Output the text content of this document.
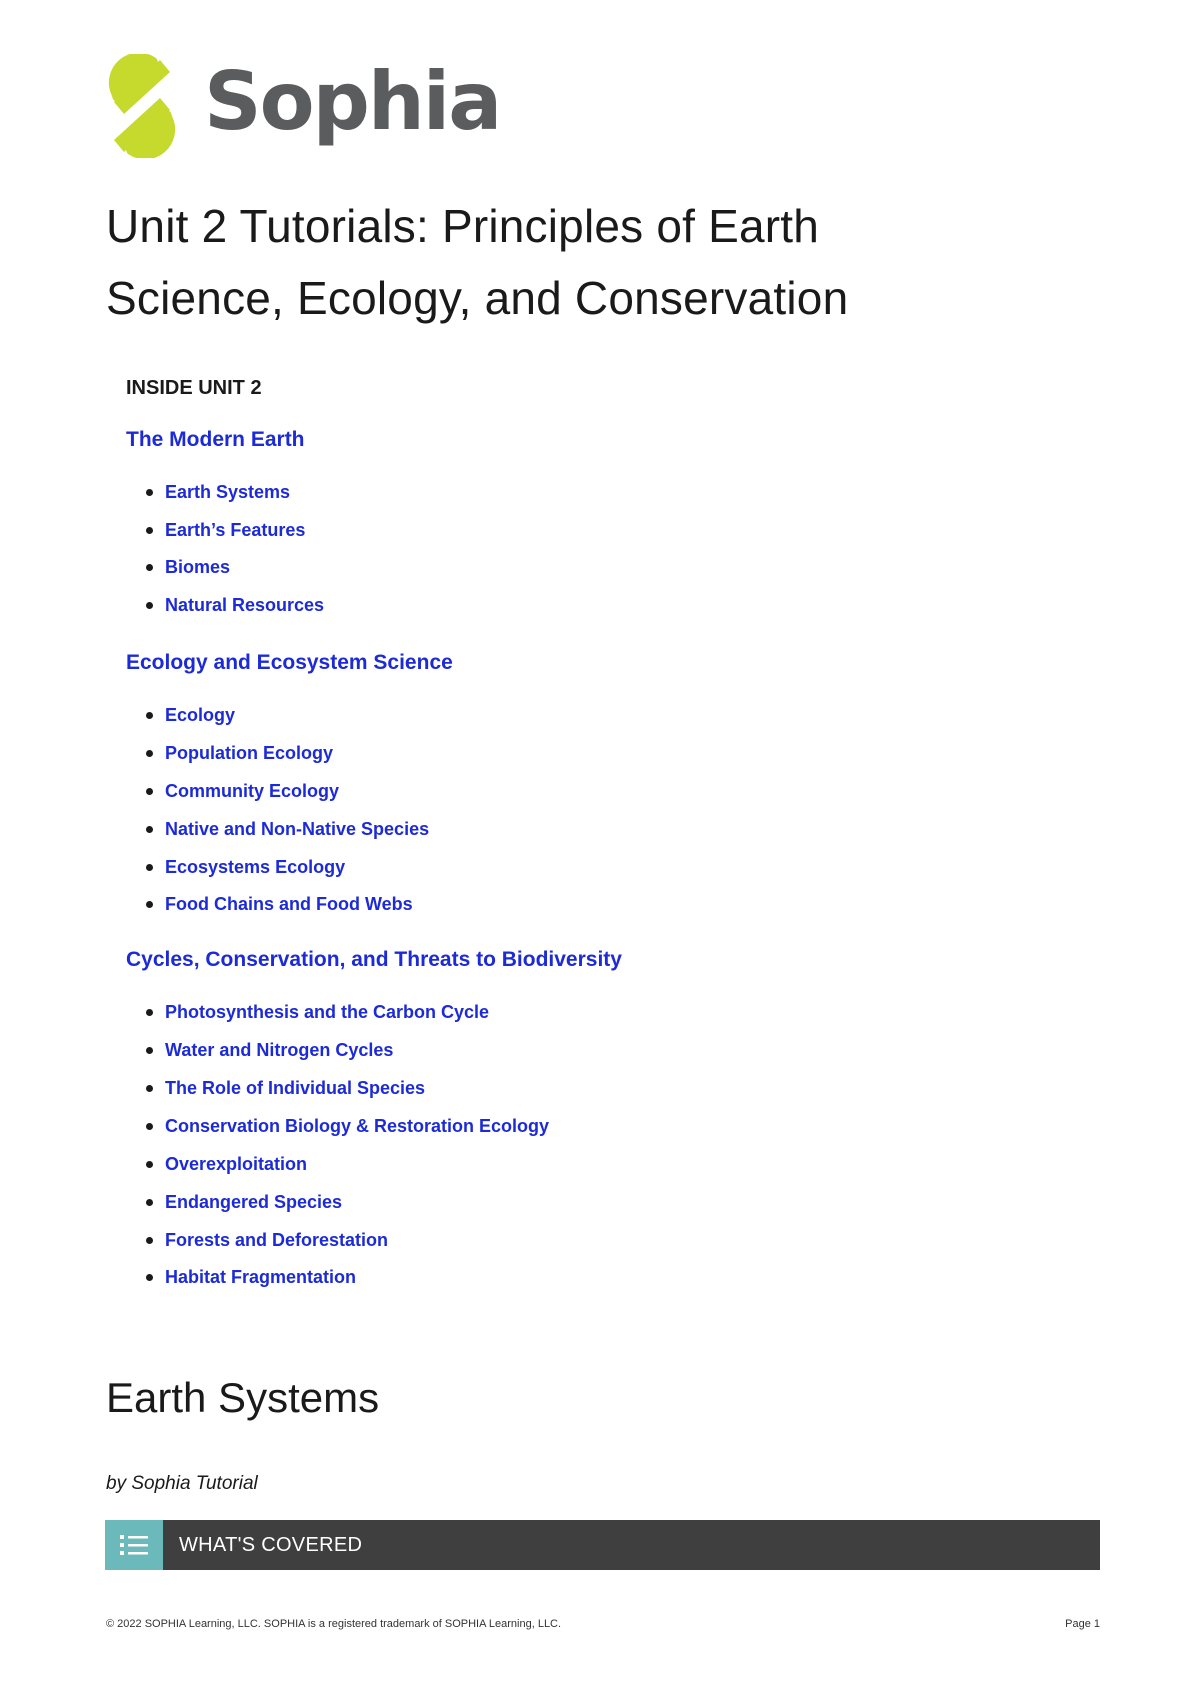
Sophia
Unit 2 Tutorials: Principles of Earth
Science, Ecology, and Conservation
INSIDE UNIT 2
The Modern Earth
Earth Systems
Earth’s Features
Biomes
Natural Resources
Ecology and Ecosystem Science
Ecology
Population Ecology
Community Ecology
Native and Non-Native Species
Ecosystems Ecology
Food Chains and Food Webs
Cycles, Conservation, and Threats to Biodiversity
Photosynthesis and the Carbon Cycle
Water and Nitrogen Cycles
The Role of Individual Species
Conservation Biology & Restoration Ecology
Overexploitation
Endangered Species
Forests and Deforestation
Habitat Fragmentation
Earth Systems
by Sophia Tutorial
WHAT'S COVERED
© 2022 SOPHIA Learning, LLC. SOPHIA is a registered trademark of SOPHIA Learning, LLC.	Page 1
